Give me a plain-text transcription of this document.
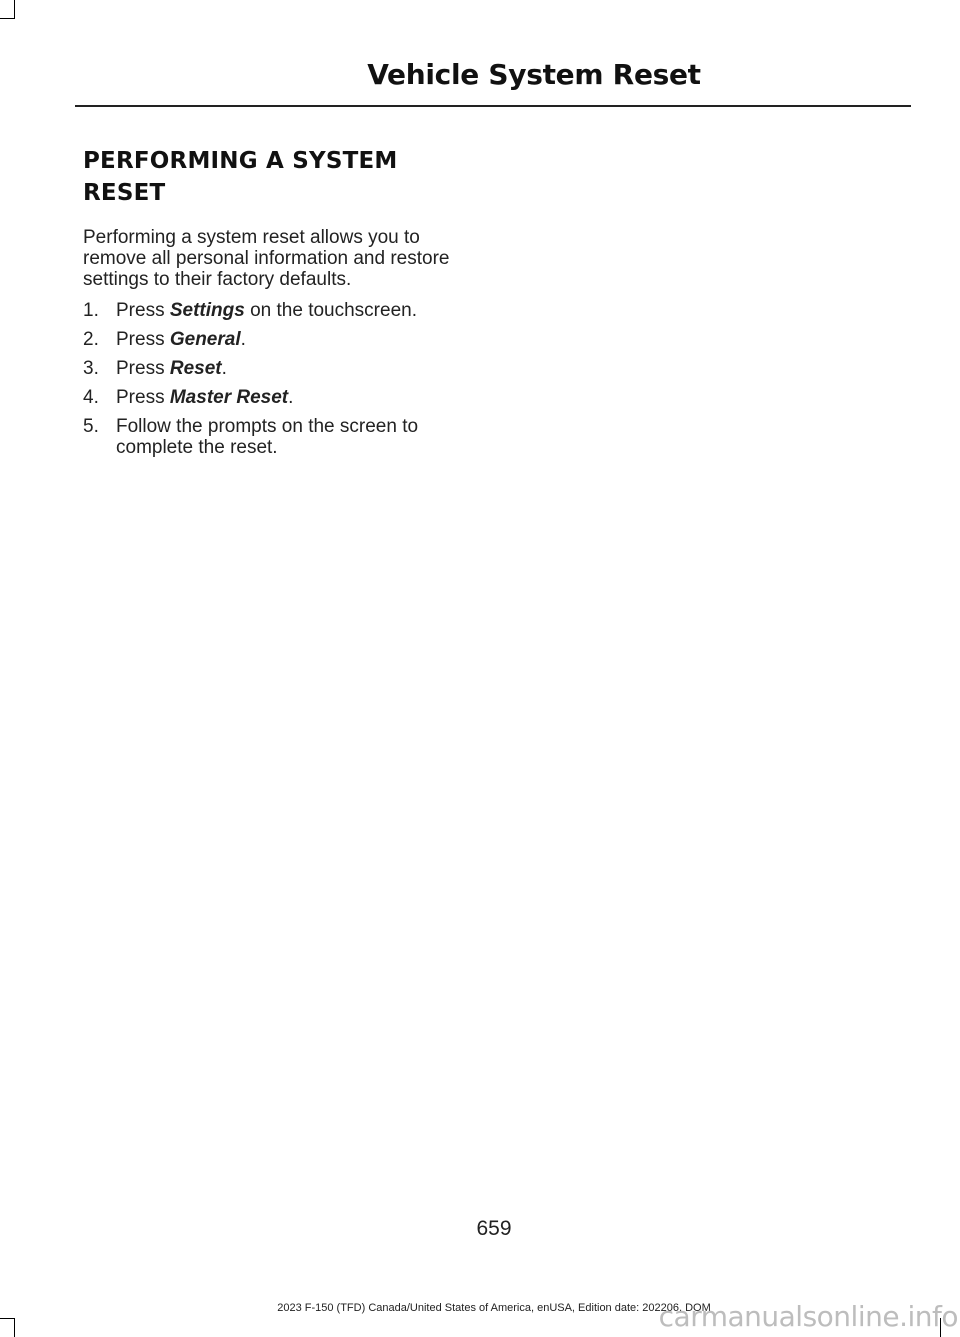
Vehicle System Reset
PERFORMING A SYSTEM
RESET

Performing a system reset allows you to remove all personal information and restore settings to their factory defaults.

1. Press Settings on the touchscreen.
2. Press General.
3. Press Reset.
4. Press Master Reset.
5. Follow the prompts on the screen to complete the reset.
659
2023 F-150 (TFD) Canada/United States of America, enUSA, Edition date: 202206, DOM
carmanualsonline.info
